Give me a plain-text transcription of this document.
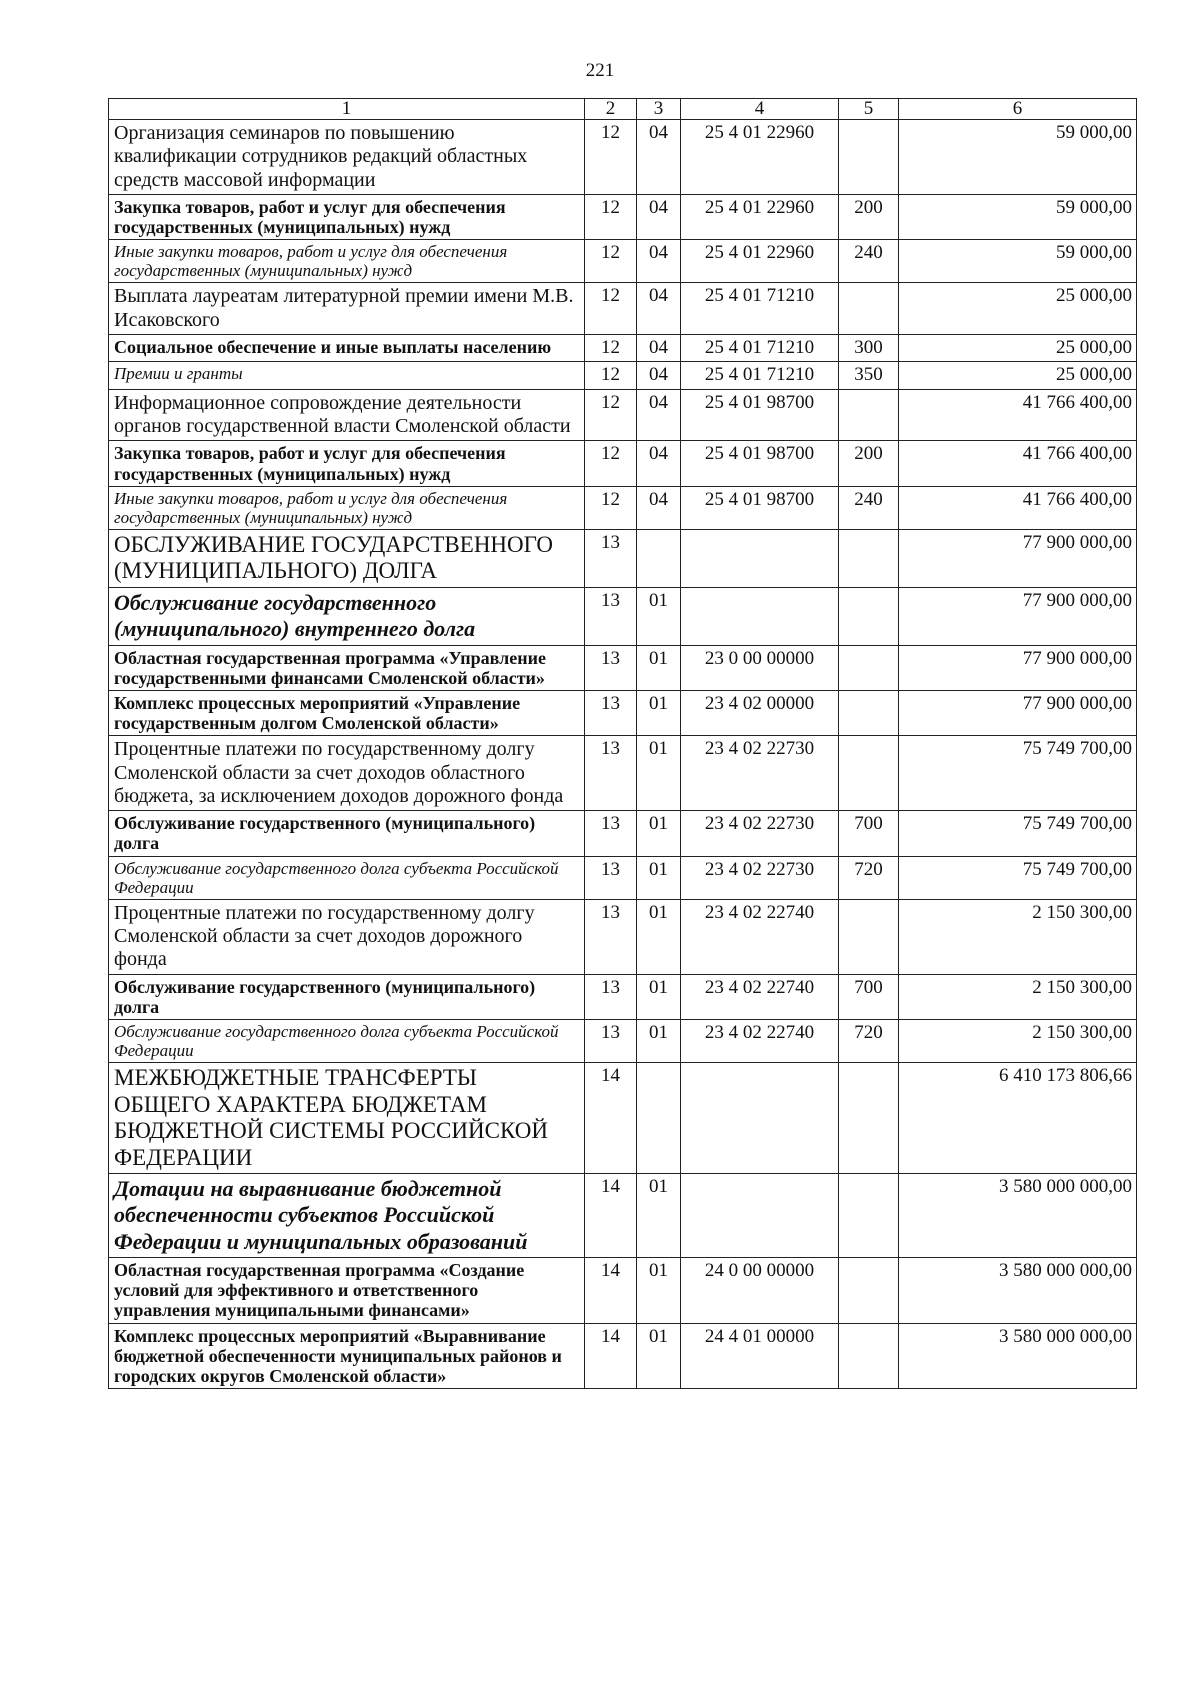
221
1	2	3	4	5	6
Организация семинаров по повышению квалификации сотрудников редакций областных средств массовой информации	12	04	25 4 01 22960		59 000,00
Закупка товаров, работ и услуг для обеспечения государственных (муниципальных) нужд	12	04	25 4 01 22960	200	59 000,00
Иные закупки товаров, работ и услуг для обеспечения государственных (муниципальных) нужд	12	04	25 4 01 22960	240	59 000,00
Выплата лауреатам литературной премии имени М.В. Исаковского	12	04	25 4 01 71210		25 000,00
Социальное обеспечение и иные выплаты населению	12	04	25 4 01 71210	300	25 000,00
Премии и гранты	12	04	25 4 01 71210	350	25 000,00
Информационное сопровождение деятельности органов государственной власти Смоленской области	12	04	25 4 01 98700		41 766 400,00
Закупка товаров, работ и услуг для обеспечения государственных (муниципальных) нужд	12	04	25 4 01 98700	200	41 766 400,00
Иные закупки товаров, работ и услуг для обеспечения государственных (муниципальных) нужд	12	04	25 4 01 98700	240	41 766 400,00
ОБСЛУЖИВАНИЕ ГОСУДАРСТВЕННОГО (МУНИЦИПАЛЬНОГО) ДОЛГА	13				77 900 000,00
Обслуживание государственного (муниципального) внутреннего долга	13	01			77 900 000,00
Областная государственная программа «Управление государственными финансами Смоленской области»	13	01	23 0 00 00000		77 900 000,00
Комплекс процессных мероприятий «Управление государственным долгом Смоленской области»	13	01	23 4 02 00000		77 900 000,00
Процентные платежи по государственному долгу Смоленской области за счет доходов областного бюджета, за исключением доходов дорожного фонда	13	01	23 4 02 22730		75 749 700,00
Обслуживание государственного (муниципального) долга	13	01	23 4 02 22730	700	75 749 700,00
Обслуживание государственного долга субъекта Российской Федерации	13	01	23 4 02 22730	720	75 749 700,00
Процентные платежи по государственному долгу Смоленской области за счет доходов дорожного фонда	13	01	23 4 02 22740		2 150 300,00
Обслуживание государственного (муниципального) долга	13	01	23 4 02 22740	700	2 150 300,00
Обслуживание государственного долга субъекта Российской Федерации	13	01	23 4 02 22740	720	2 150 300,00
МЕЖБЮДЖЕТНЫЕ ТРАНСФЕРТЫ ОБЩЕГО ХАРАКТЕРА БЮДЖЕТАМ БЮДЖЕТНОЙ СИСТЕМЫ РОССИЙСКОЙ ФЕДЕРАЦИИ	14				6 410 173 806,66
Дотации на выравнивание бюджетной обеспеченности субъектов Российской Федерации и муниципальных образований	14	01			3 580 000 000,00
Областная государственная программа «Создание условий для эффективного и ответственного управления муниципальными финансами»	14	01	24 0 00 00000		3 580 000 000,00
Комплекс процессных мероприятий «Выравнивание бюджетной обеспеченности муниципальных районов и городских округов Смоленской области»	14	01	24 4 01 00000		3 580 000 000,00
